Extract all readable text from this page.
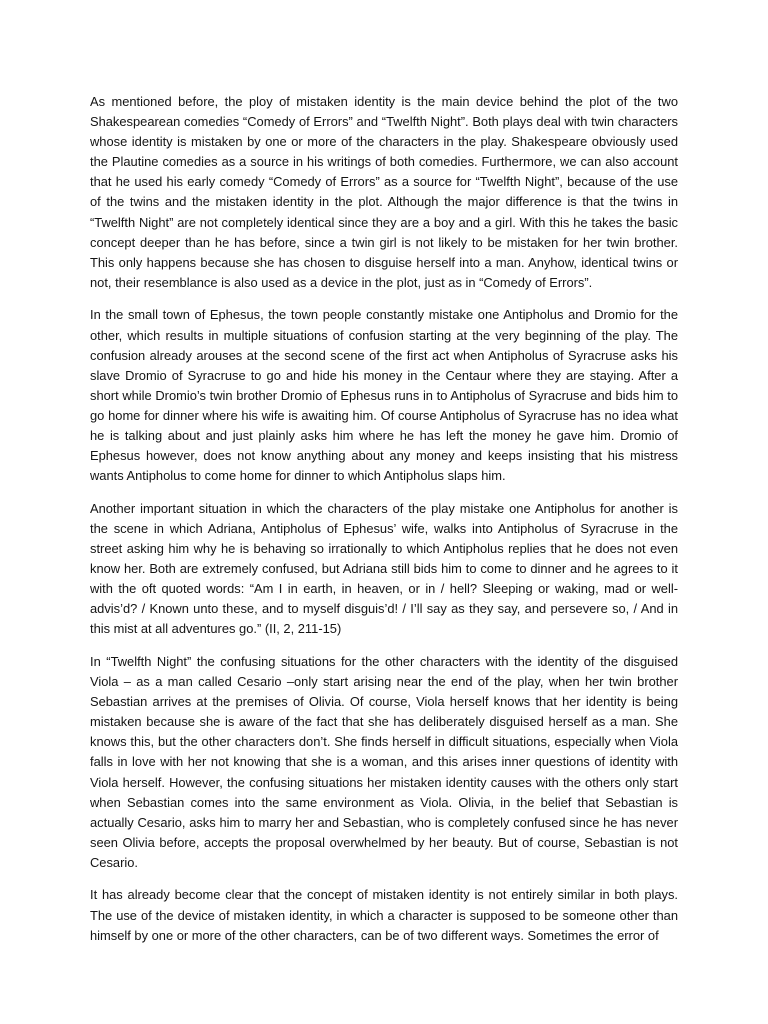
As mentioned before, the ploy of mistaken identity is the main device behind the plot of the two Shakespearean comedies “Comedy of Errors” and “Twelfth Night”. Both plays deal with twin characters whose identity is mistaken by one or more of the characters in the play. Shakespeare obviously used the Plautine comedies as a source in his writings of both comedies. Furthermore, we can also account that he used his early comedy “Comedy of Errors” as a source for “Twelfth Night”, because of the use of the twins and the mistaken identity in the plot. Although the major difference is that the twins in “Twelfth Night” are not completely identical since they are a boy and a girl. With this he takes the basic concept deeper than he has before, since a twin girl is not likely to be mistaken for her twin brother. This only happens because she has chosen to disguise herself into a man. Anyhow, identical twins or not, their resemblance is also used as a device in the plot, just as in “Comedy of Errors”.

In the small town of Ephesus, the town people constantly mistake one Antipholus and Dromio for the other, which results in multiple situations of confusion starting at the very beginning of the play. The confusion already arouses at the second scene of the first act when Antipholus of Syracruse asks his slave Dromio of Syracruse to go and hide his money in the Centaur where they are staying. After a short while Dromio’s twin brother Dromio of Ephesus runs in to Antipholus of Syracruse and bids him to go home for dinner where his wife is awaiting him. Of course Antipholus of Syracruse has no idea what he is talking about and just plainly asks him where he has left the money he gave him. Dromio of Ephesus however, does not know anything about any money and keeps insisting that his mistress wants Antipholus to come home for dinner to which Antipholus slaps him.

Another important situation in which the characters of the play mistake one Antipholus for another is the scene in which Adriana, Antipholus of Ephesus’ wife, walks into Antipholus of Syracruse in the street asking him why he is behaving so irrationally to which Antipholus replies that he does not even know her. Both are extremely confused, but Adriana still bids him to come to dinner and he agrees to it with the oft quoted words: “Am I in earth, in heaven, or in / hell? Sleeping or waking, mad or well-advis’d? / Known unto these, and to myself disguis’d! / I’ll say as they say, and persevere so, / And in this mist at all adventures go.” (II, 2, 211-15)

In “Twelfth Night” the confusing situations for the other characters with the identity of the disguised Viola – as a man called Cesario –only start arising near the end of the play, when her twin brother Sebastian arrives at the premises of Olivia. Of course, Viola herself knows that her identity is being mistaken because she is aware of the fact that she has deliberately disguised herself as a man. She knows this, but the other characters don’t. She finds herself in difficult situations, especially when Viola falls in love with her not knowing that she is a woman, and this arises inner questions of identity with Viola herself. However, the confusing situations her mistaken identity causes with the others only start when Sebastian comes into the same environment as Viola. Olivia, in the belief that Sebastian is actually Cesario, asks him to marry her and Sebastian, who is completely confused since he has never seen Olivia before, accepts the proposal overwhelmed by her beauty. But of course, Sebastian is not Cesario.

It has already become clear that the concept of mistaken identity is not entirely similar in both plays. The use of the device of mistaken identity, in which a character is supposed to be someone other than himself by one or more of the other characters, can be of two different ways. Sometimes the error of
